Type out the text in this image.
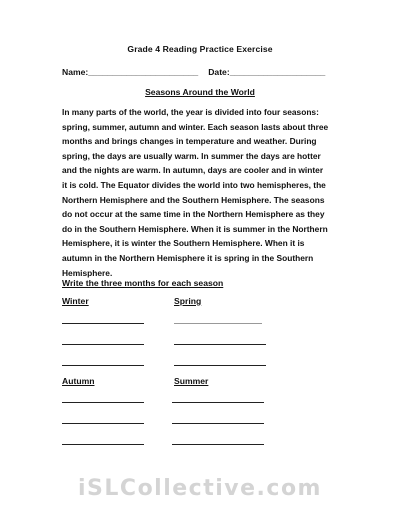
Grade 4 Reading Practice Exercise
Name:_______________________ Date:____________________
Seasons Around the World
In many parts of the world, the year is divided into four seasons:
spring, summer, autumn and winter. Each season lasts about three
months and brings changes in temperature and weather. During
spring, the days are usually warm. In summer the days are hotter
and the nights are warm. In autumn, days are cooler and in winter
it is cold. The Equator divides the world into two hemispheres, the
Northern Hemisphere and the Southern Hemisphere. The seasons
do not occur at the same time in the Northern Hemisphere as they
do in the Southern Hemisphere. When it is summer in the Northern
Hemisphere, it is winter the Southern Hemisphere. When it is
autumn in the Northern Hemisphere it is spring in the Southern
Hemisphere.
Write the three months for each season
Winter	Spring
Autumn	Summer
iSLCollective.com
